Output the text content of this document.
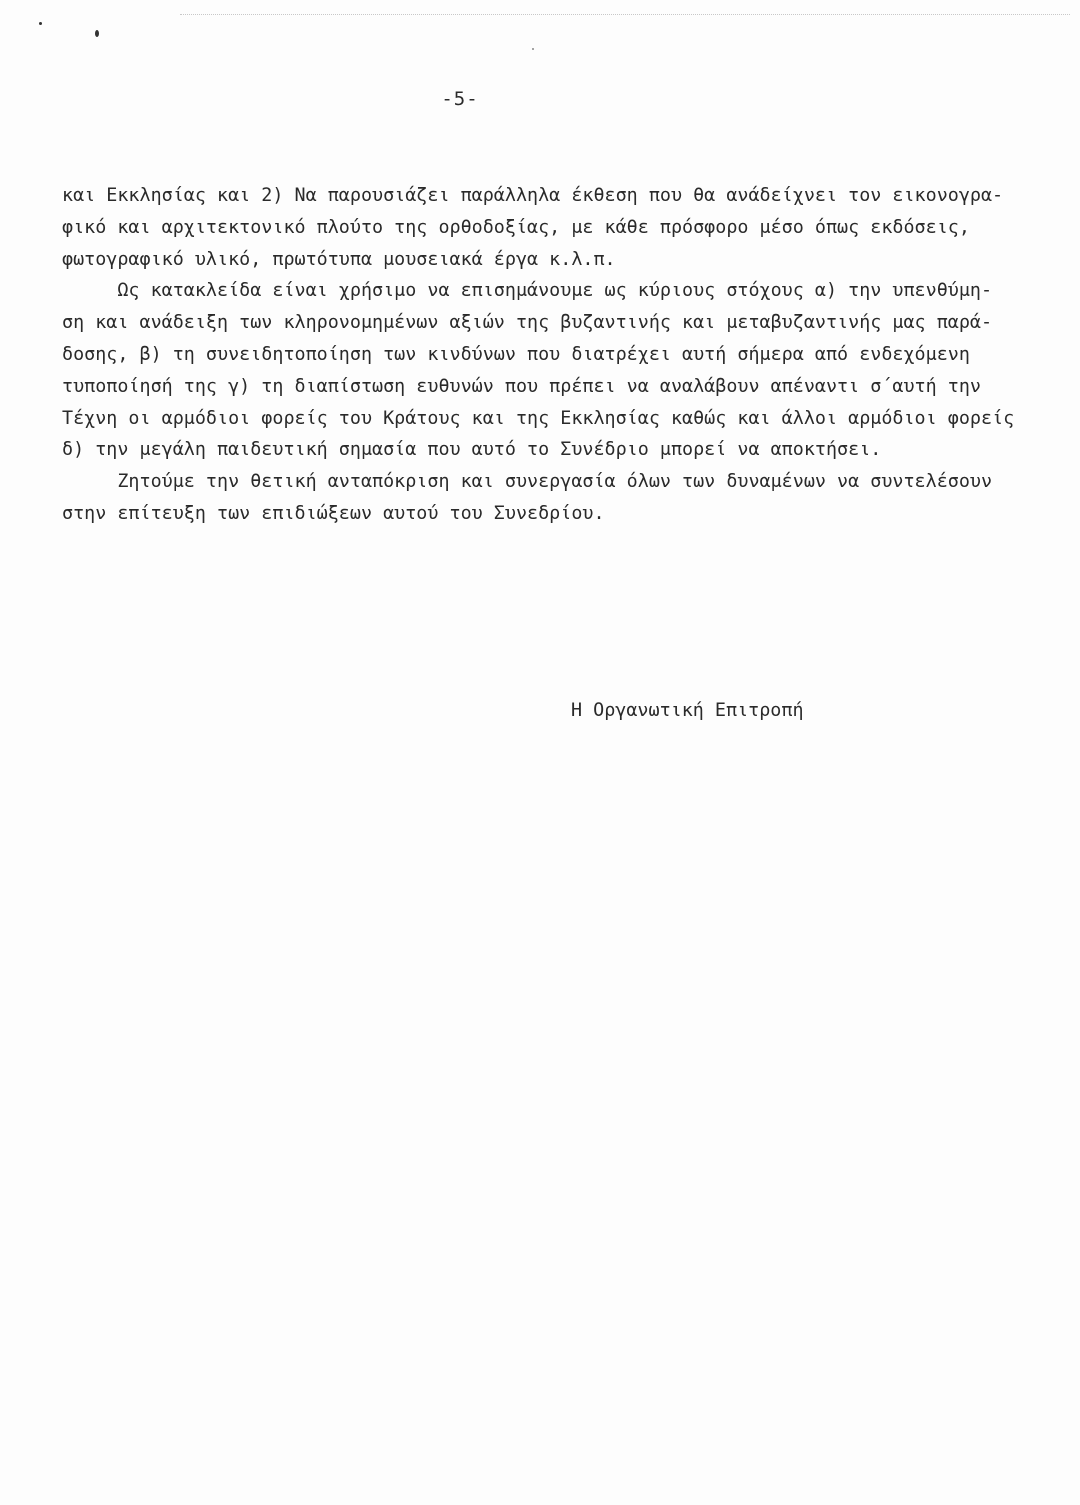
-5-
και Εκκλησίας και 2) Να παρουσιάζει παράλληλα έκθεση που θα ανάδείχνει τον εικονογρα-
φικό και αρχιτεκτονικό πλούτο της ορθοδοξίας, με κάθε πρόσφορο μέσο όπως εκδόσεις,
φωτογραφικό υλικό, πρωτότυπα μουσειακά έργα κ.λ.π.
Ως κατακλείδα είναι χρήσιμο να επισημάνουμε ως κύριους στόχους α) την υπενθύμη-
ση και ανάδειξη των κληρονομημένων αξιών της βυζαντινής και μεταβυζαντινής μας παρά-
δοσης, β) τη συνειδητοποίηση των κινδύνων που διατρέχει αυτή σήμερα από ενδεχόμενη
τυποποίησή της γ) τη διαπίστωση ευθυνών που πρέπει να αναλάβουν απέναντι σ΄αυτή την
Τέχνη οι αρμόδιοι φορείς του Κράτους και της Εκκλησίας καθώς και άλλοι αρμόδιοι φορείς
δ) την μεγάλη παιδευτική σημασία που αυτό το Συνέδριο μπορεί να αποκτήσει.
Ζητούμε την θετική ανταπόκριση και συνεργασία όλων των δυναμένων να συντελέσουν
στην επίτευξη των επιδιώξεων αυτού του Συνεδρίου.
Η Οργανωτική Επιτροπή
